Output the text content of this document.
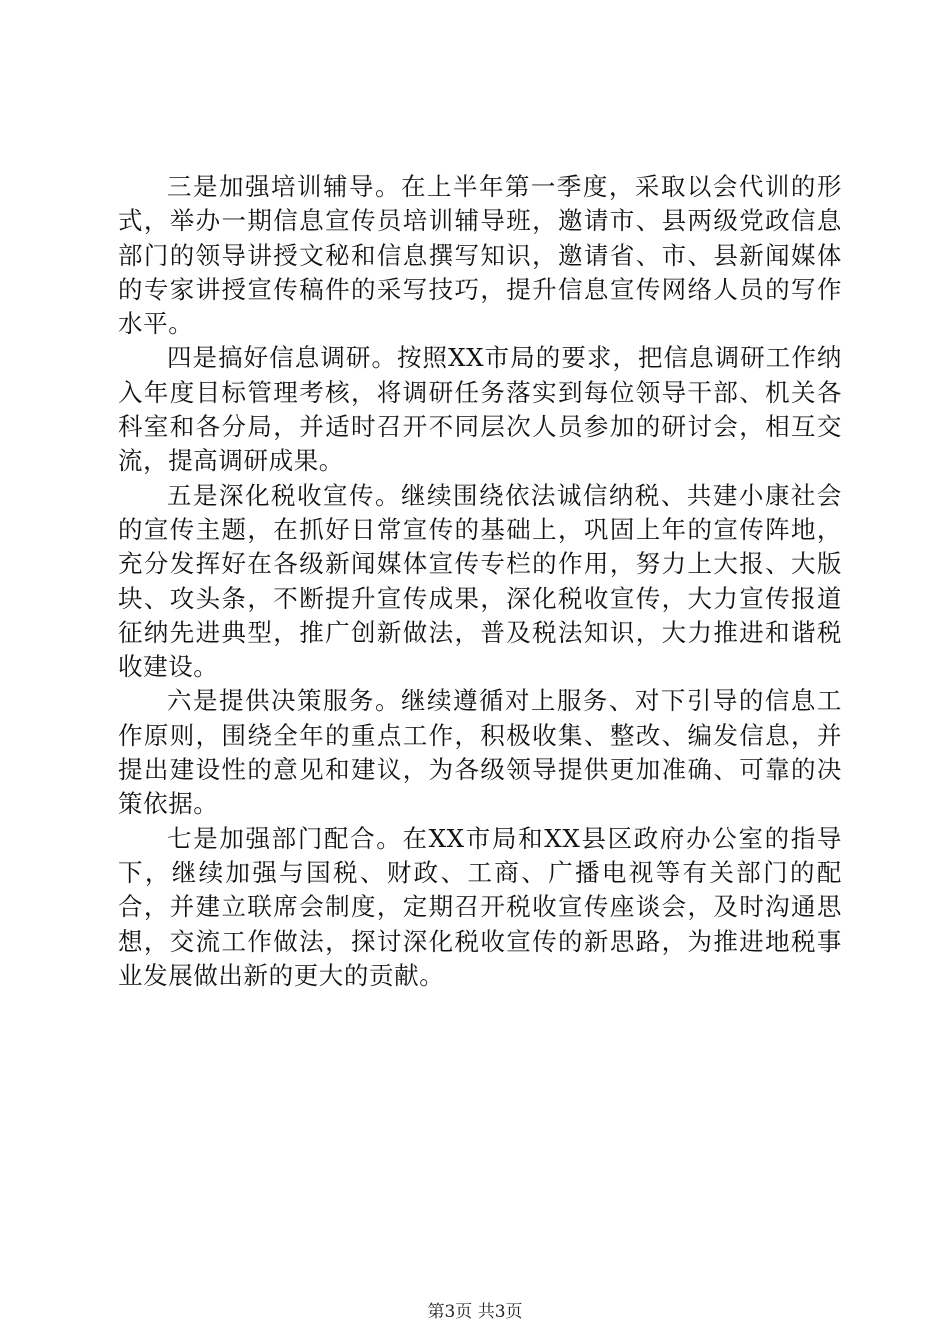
三是加强培训辅导。在上半年第一季度，采取以会代训的形式，举办一期信息宣传员培训辅导班，邀请市、县两级党政信息部门的领导讲授文秘和信息撰写知识，邀请省、市、县新闻媒体的专家讲授宣传稿件的采写技巧，提升信息宣传网络人员的写作水平。

四是搞好信息调研。按照XX市局的要求，把信息调研工作纳入年度目标管理考核，将调研任务落实到每位领导干部、机关各科室和各分局，并适时召开不同层次人员参加的研讨会，相互交流，提高调研成果。

五是深化税收宣传。继续围绕依法诚信纳税、共建小康社会的宣传主题，在抓好日常宣传的基础上，巩固上年的宣传阵地，充分发挥好在各级新闻媒体宣传专栏的作用，努力上大报、大版块、攻头条，不断提升宣传成果，深化税收宣传，大力宣传报道征纳先进典型，推广创新做法，普及税法知识，大力推进和谐税收建设。

六是提供决策服务。继续遵循对上服务、对下引导的信息工作原则，围绕全年的重点工作，积极收集、整改、编发信息，并提出建设性的意见和建议，为各级领导提供更加准确、可靠的决策依据。

七是加强部门配合。在XX市局和XX县区政府办公室的指导下，继续加强与国税、财政、工商、广播电视等有关部门的配合，并建立联席会制度，定期召开税收宣传座谈会，及时沟通思想，交流工作做法，探讨深化税收宣传的新思路，为推进地税事业发展做出新的更大的贡献。

第3页 共3页
